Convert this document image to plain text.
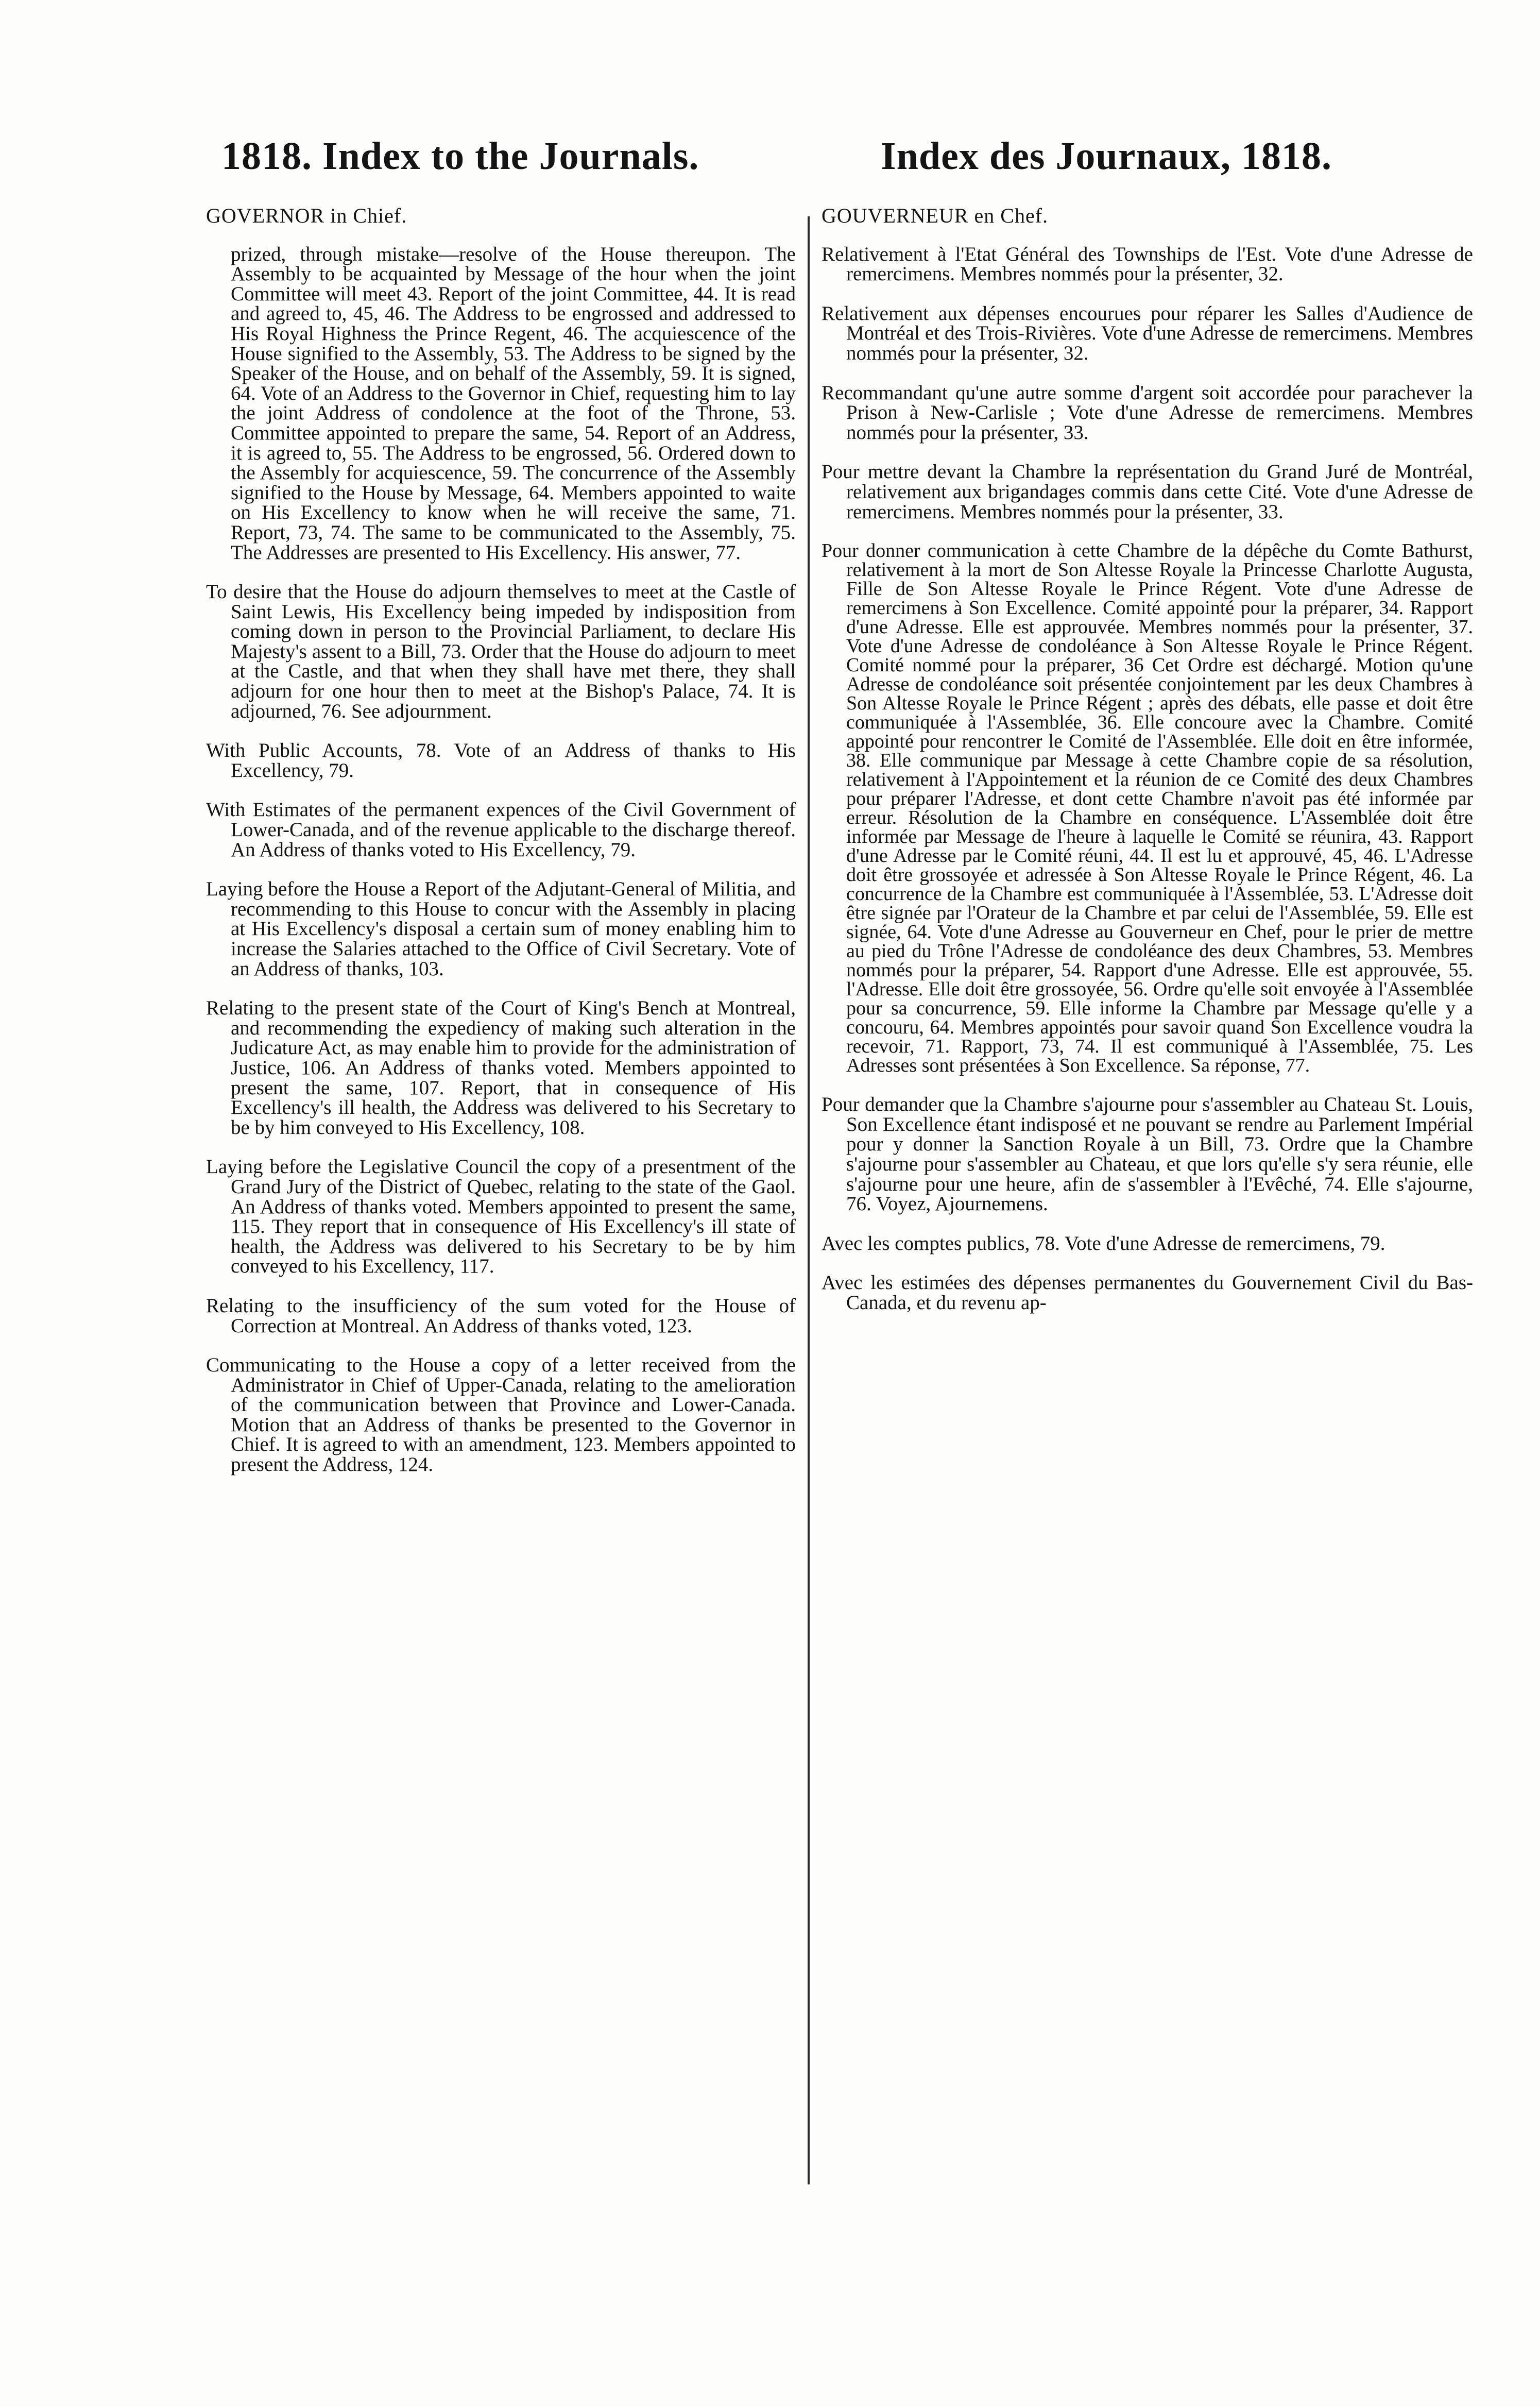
1818. Index to the Journals.	Index des Journaux, 1818.
GOVERNOR in Chief.

prized, through mistake—resolve of the House thereupon. The Assembly to be acquainted by Message of the hour when the joint Committee will meet 43. Report of the joint Committee, 44. It is read and agreed to, 45, 46. The Address to be engrossed and addressed to His Royal Highness the Prince Regent, 46. The acquiescence of the House signified to the Assembly, 53. The Address to be signed by the Speaker of the House, and on behalf of the Assembly, 59. It is signed, 64. Vote of an Address to the Governor in Chief, requesting him to lay the joint Address of condolence at the foot of the Throne, 53. Committee appointed to prepare the same, 54. Report of an Address, it is agreed to, 55. The Address to be engrossed, 56. Ordered down to the Assembly for acquiescence, 59. The concurrence of the Assembly signified to the House by Message, 64. Members appointed to waite on His Excellency to know when he will receive the same, 71. Report, 73, 74. The same to be communicated to the Assembly, 75. The Addresses are presented to His Excellency. His answer, 77.

To desire that the House do adjourn themselves to meet at the Castle of Saint Lewis, His Excellency being impeded by indisposition from coming down in person to the Provincial Parliament, to declare His Majesty's assent to a Bill, 73. Order that the House do adjourn to meet at the Castle, and that when they shall have met there, they shall adjourn for one hour then to meet at the Bishop's Palace, 74. It is adjourned, 76. See adjournment.

With Public Accounts, 78. Vote of an Address of thanks to His Excellency, 79.

With Estimates of the permanent expences of the Civil Government of Lower-Canada, and of the revenue applicable to the discharge thereof. An Address of thanks voted to His Excellency, 79.

Laying before the House a Report of the Adjutant-General of Militia, and recommending to this House to concur with the Assembly in placing at His Excellency's disposal a certain sum of money enabling him to increase the Salaries attached to the Office of Civil Secretary. Vote of an Address of thanks, 103.

Relating to the present state of the Court of King's Bench at Montreal, and recommending the expediency of making such alteration in the Judicature Act, as may enable him to provide for the administration of Justice, 106. An Address of thanks voted. Members appointed to present the same, 107. Report, that in consequence of His Excellency's ill health, the Address was delivered to his Secretary to be by him conveyed to His Excellency, 108.

Laying before the Legislative Council the copy of a presentment of the Grand Jury of the District of Quebec, relating to the state of the Gaol. An Address of thanks voted. Members appointed to present the same, 115. They report that in consequence of His Excellency's ill state of health, the Address was delivered to his Secretary to be by him conveyed to his Excellency, 117.

Relating to the insufficiency of the sum voted for the House of Correction at Montreal. An Address of thanks voted, 123.

Communicating to the House a copy of a letter received from the Administrator in Chief of Upper-Canada, relating to the amelioration of the communication between that Province and Lower-Canada. Motion that an Address of thanks be presented to the Governor in Chief. It is agreed to with an amendment, 123. Members appointed to present the Address, 124.

GOUVERNEUR en Chef.

Relativement à l'Etat Général des Townships de l'Est. Vote d'une Adresse de remercimens. Membres nommés pour la présenter, 32.

Relativement aux dépenses encourues pour réparer les Salles d'Audience de Montréal et des Trois-Rivières. Vote d'une Adresse de remercimens. Membres nommés pour la présenter, 32.

Recommandant qu'une autre somme d'argent soit accordée pour parachever la Prison à New-Carlisle ; Vote d'une Adresse de remercimens. Membres nommés pour la présenter, 33.

Pour mettre devant la Chambre la représentation du Grand Juré de Montréal, relativement aux brigandages commis dans cette Cité. Vote d'une Adresse de remercimens. Membres nommés pour la présenter, 33.

Pour donner communication à cette Chambre de la dépêche du Comte Bathurst, relativement à la mort de Son Altesse Royale la Princesse Charlotte Augusta, Fille de Son Altesse Royale le Prince Régent. Vote d'une Adresse de remercimens à Son Excellence. Comité appointé pour la préparer, 34. Rapport d'une Adresse. Elle est approuvée. Membres nommés pour la présenter, 37. Vote d'une Adresse de condoléance à Son Altesse Royale le Prince Régent. Comité nommé pour la préparer, 36 Cet Ordre est déchargé. Motion qu'une Adresse de condoléance soit présentée conjointement par les deux Chambres à Son Altesse Royale le Prince Régent ; après des débats, elle passe et doit être communiquée à l'Assemblée, 36. Elle concoure avec la Chambre. Comité appointé pour rencontrer le Comité de l'Assemblée. Elle doit en être informée, 38. Elle communique par Message à cette Chambre copie de sa résolution, relativement à l'Appointement et la réunion de ce Comité des deux Chambres pour préparer l'Adresse, et dont cette Chambre n'avoit pas été informée par erreur. Résolution de la Chambre en conséquence. L'Assemblée doit être informée par Message de l'heure à laquelle le Comité se réunira, 43. Rapport d'une Adresse par le Comité réuni, 44. Il est lu et approuvé, 45, 46. L'Adresse doit être grossoyée et adressée à Son Altesse Royale le Prince Régent, 46. La concurrence de la Chambre est communiquée à l'Assemblée, 53. L'Adresse doit être signée par l'Orateur de la Chambre et par celui de l'Assemblée, 59. Elle est signée, 64. Vote d'une Adresse au Gouverneur en Chef, pour le prier de mettre au pied du Trône l'Adresse de condoléance des deux Chambres, 53. Membres nommés pour la préparer, 54. Rapport d'une Adresse. Elle est approuvée, 55. l'Adresse. Elle doit être grossoyée, 56. Ordre qu'elle soit envoyée à l'Assemblée pour sa concurrence, 59. Elle informe la Chambre par Message qu'elle y a concouru, 64. Membres appointés pour savoir quand Son Excellence voudra la recevoir, 71. Rapport, 73, 74. Il est communiqué à l'Assemblée, 75. Les Adresses sont présentées à Son Excellence. Sa réponse, 77.

Pour demander que la Chambre s'ajourne pour s'assembler au Chateau St. Louis, Son Excellence étant indisposé et ne pouvant se rendre au Parlement Impérial pour y donner la Sanction Royale à un Bill, 73. Ordre que la Chambre s'ajourne pour s'assembler au Chateau, et que lors qu'elle s'y sera réunie, elle s'ajourne pour une heure, afin de s'assembler à l'Evêché, 74. Elle s'ajourne, 76. Voyez, Ajournemens.

Avec les comptes publics, 78. Vote d'une Adresse de remercimens, 79.

Avec les estimées des dépenses permanentes du Gouvernement Civil du Bas-Canada, et du revenu ap-
